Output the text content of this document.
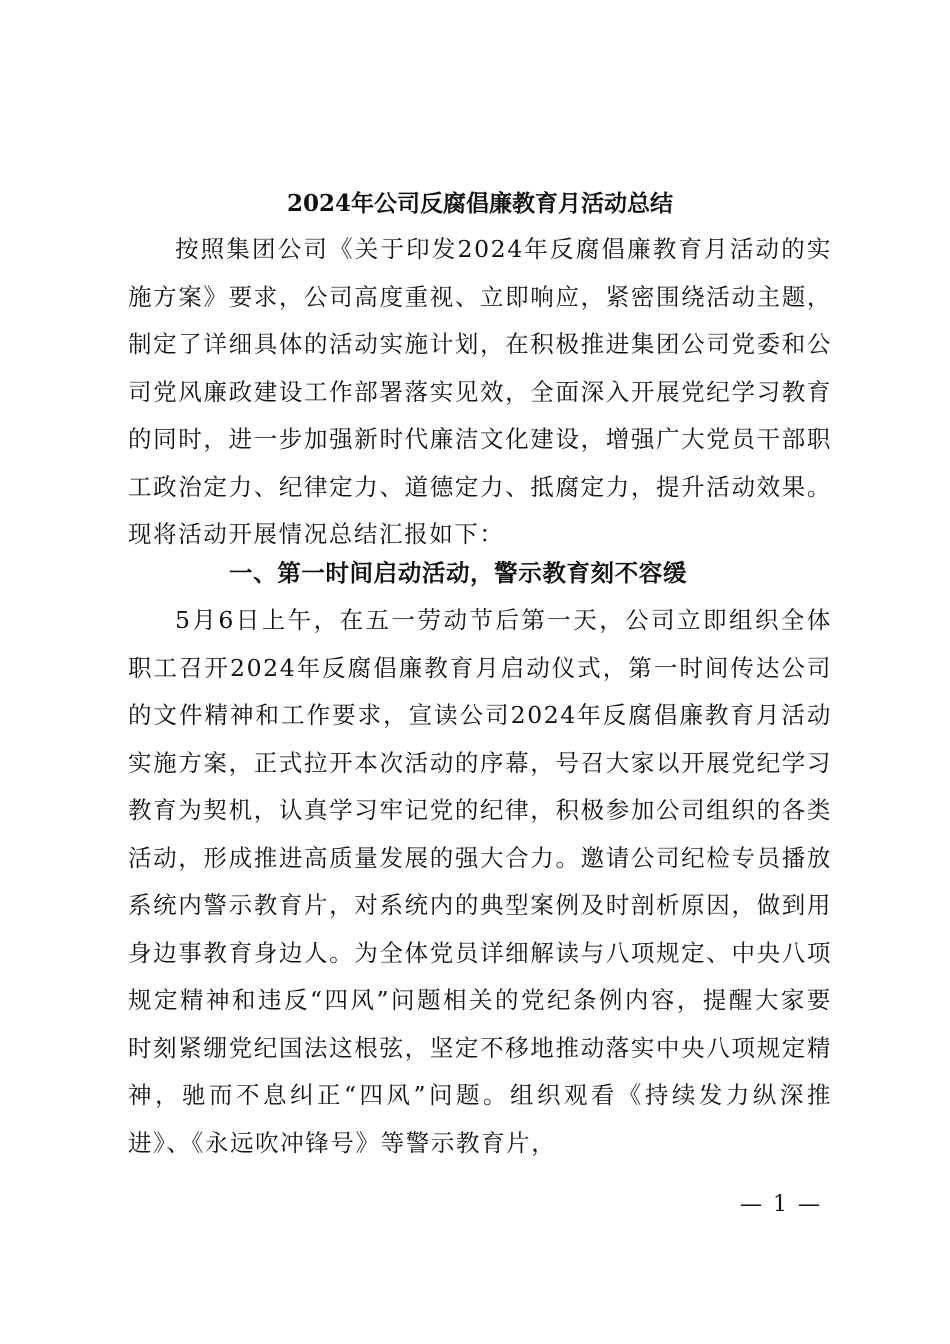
2024年公司反腐倡廉教育月活动总结

按照集团公司《关于印发2024年反腐倡廉教育月活动的实施方案》要求，公司高度重视、立即响应，紧密围绕活动主题，制定了详细具体的活动实施计划，在积极推进集团公司党委和公司党风廉政建设工作部署落实见效，全面深入开展党纪学习教育的同时，进一步加强新时代廉洁文化建设，增强广大党员干部职工政治定力、纪律定力、道德定力、抵腐定力，提升活动效果。现将活动开展情况总结汇报如下：

一、第一时间启动活动，警示教育刻不容缓

5月6日上午，在五一劳动节后第一天，公司立即组织全体职工召开2024年反腐倡廉教育月启动仪式，第一时间传达公司的文件精神和工作要求，宣读公司2024年反腐倡廉教育月活动实施方案，正式拉开本次活动的序幕，号召大家以开展党纪学习教育为契机，认真学习牢记党的纪律，积极参加公司组织的各类活动，形成推进高质量发展的强大合力。邀请公司纪检专员播放系统内警示教育片，对系统内的典型案例及时剖析原因，做到用身边事教育身边人。为全体党员详细解读与八项规定、中央八项规定精神和违反“四风”问题相关的党纪条例内容，提醒大家要时刻紧绷党纪国法这根弦，坚定不移地推动落实中央八项规定精神，驰而不息纠正“四风”问题。组织观看《持续发力纵深推进》、《永远吹冲锋号》等警示教育片，

— 1 —
